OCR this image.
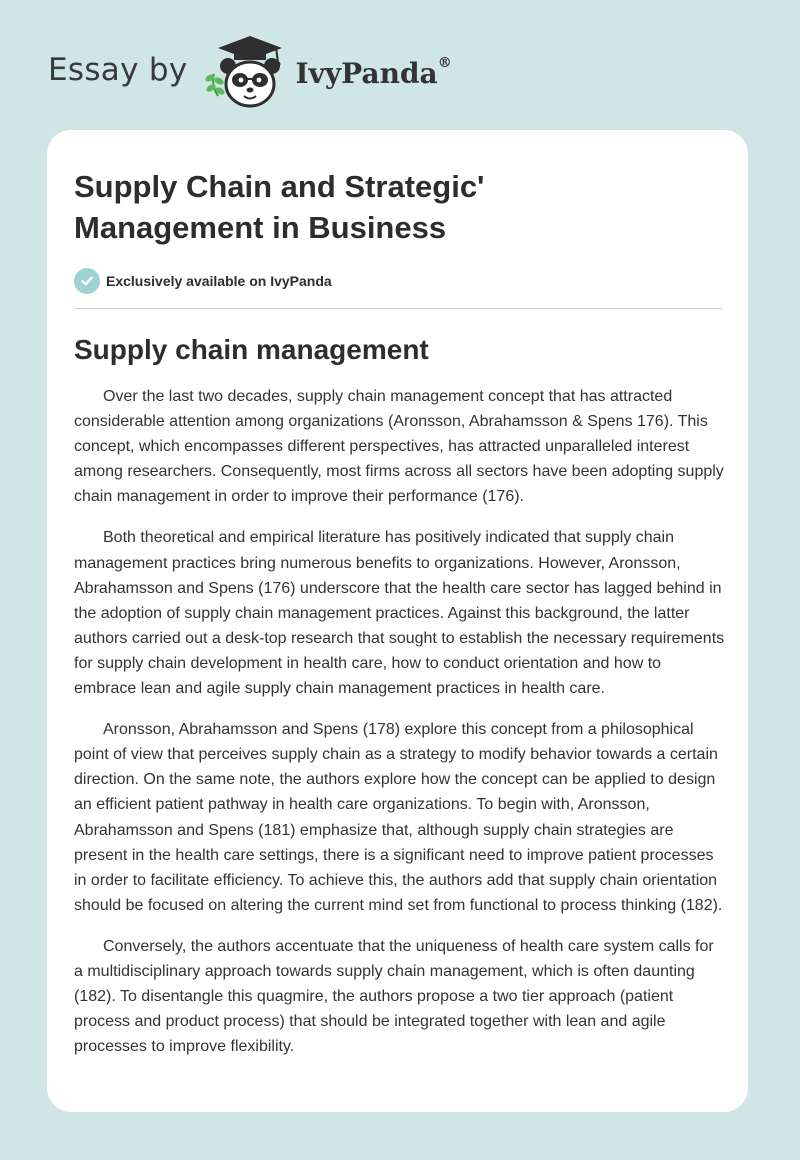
Essay by	IvyPanda®
Supply Chain and Strategic' Management in Business
Exclusively available on IvyPanda
Supply chain management

Over the last two decades, supply chain management concept that has attracted considerable attention among organizations (Aronsson, Abrahamsson & Spens 176). This concept, which encompasses different perspectives, has attracted unparalleled interest among researchers. Consequently, most firms across all sectors have been adopting supply chain management in order to improve their performance (176).

Both theoretical and empirical literature has positively indicated that supply chain management practices bring numerous benefits to organizations. However, Aronsson, Abrahamsson and Spens (176) underscore that the health care sector has lagged behind in the adoption of supply chain management practices. Against this background, the latter authors carried out a desk-top research that sought to establish the necessary requirements for supply chain development in health care, how to conduct orientation and how to embrace lean and agile supply chain management practices in health care.

Aronsson, Abrahamsson and Spens (178) explore this concept from a philosophical point of view that perceives supply chain as a strategy to modify behavior towards a certain direction. On the same note, the authors explore how the concept can be applied to design an efficient patient pathway in health care organizations. To begin with, Aronsson, Abrahamsson and Spens (181) emphasize that, although supply chain strategies are present in the health care settings, there is a significant need to improve patient processes in order to facilitate efficiency. To achieve this, the authors add that supply chain orientation should be focused on altering the current mind set from functional to process thinking (182).

Conversely, the authors accentuate that the uniqueness of health care system calls for a multidisciplinary approach towards supply chain management, which is often daunting (182). To disentangle this quagmire, the authors propose a two tier approach (patient process and product process) that should be integrated together with lean and agile processes to improve flexibility.
